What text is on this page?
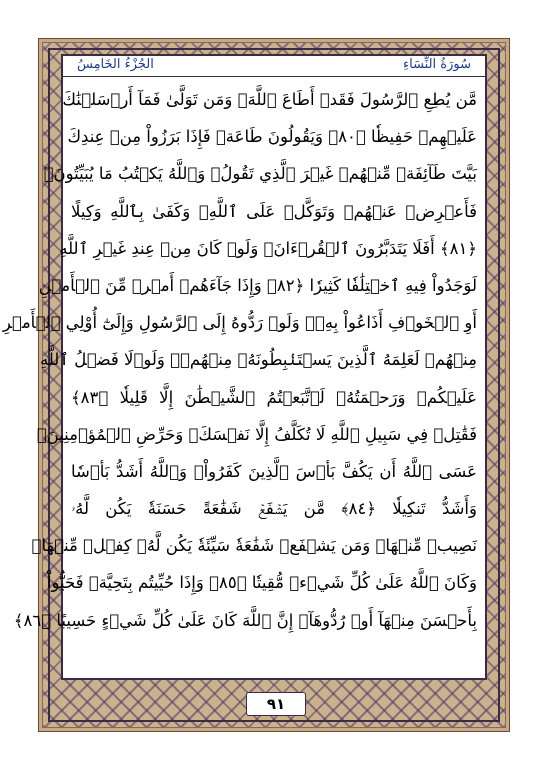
سُورَةُ النِّسَاءِ
الجُزْءُ الخَامِسُ
مَّن يُطِعِ ٱلرَّسُولَ فَقَدۡ أَطَاعَ ٱللَّهَۖ وَمَن تَوَلَّىٰ فَمَآ أَرۡسَلۡنَٰكَ
عَلَيۡهِمۡ حَفِيظٗا ﴿٨٠﴾ وَيَقُولُونَ طَاعَةٞ فَإِذَا بَرَزُواْ مِنۡ عِندِكَ
بَيَّتَ طَآئِفَةٞ مِّنۡهُمۡ غَيۡرَ ٱلَّذِي تَقُولُۖ وَٱللَّهُ يَكۡتُبُ مَا يُبَيِّتُونَۖ
فَأَعۡرِضۡ عَنۡهُمۡ وَتَوَكَّلۡ عَلَى ٱللَّهِۚ وَكَفَىٰ بِٱللَّهِ وَكِيلًا
﴿٨١﴾ أَفَلَا يَتَدَبَّرُونَ ٱلۡقُرۡءَانَۚ وَلَوۡ كَانَ مِنۡ عِندِ غَيۡرِ ٱللَّهِ
لَوَجَدُواْ فِيهِ ٱخۡتِلَٰفٗا كَثِيرٗا ﴿٨٢﴾ وَإِذَا جَآءَهُمۡ أَمۡرٞ مِّنَ ٱلۡأَمۡنِ
أَوِ ٱلۡخَوۡفِ أَذَاعُواْ بِهِۦۖ وَلَوۡ رَدُّوهُ إِلَى ٱلرَّسُولِ وَإِلَىٰٓ أُوْلِي ٱلۡأَمۡرِ
مِنۡهُمۡ لَعَلِمَهُ ٱلَّذِينَ يَسۡتَنۢبِطُونَهُۥ مِنۡهُمۡۗ وَلَوۡلَا فَضۡلُ ٱللَّهِ
عَلَيۡكُمۡ وَرَحۡمَتُهُۥ لَٱتَّبَعۡتُمُ ٱلشَّيۡطَٰنَ إِلَّا قَلِيلٗا ﴿٨٣﴾
فَقَٰتِلۡ فِي سَبِيلِ ٱللَّهِ لَا تُكَلَّفُ إِلَّا نَفۡسَكَۚ وَحَرِّضِ ٱلۡمُؤۡمِنِينَۖ
عَسَى ٱللَّهُ أَن يَكُفَّ بَأۡسَ ٱلَّذِينَ كَفَرُواْۚ وَٱللَّهُ أَشَدُّ بَأۡسٗا
وَأَشَدُّ تَنكِيلٗا ﴿٨٤﴾ مَّن يَشۡفَعۡ شَفَٰعَةً حَسَنَةٗ يَكُن لَّهُۥ
نَصِيبٞ مِّنۡهَاۖ وَمَن يَشۡفَعۡ شَفَٰعَةٗ سَيِّئَةٗ يَكُن لَّهُۥ كِفۡلٞ مِّنۡهَاۗ
وَكَانَ ٱللَّهُ عَلَىٰ كُلِّ شَيۡءٖ مُّقِيتٗا ﴿٨٥﴾ وَإِذَا حُيِّيتُم بِتَحِيَّةٖ فَحَيُّواْ
بِأَحۡسَنَ مِنۡهَآ أَوۡ رُدُّوهَآۗ إِنَّ ٱللَّهَ كَانَ عَلَىٰ كُلِّ شَيۡءٍ حَسِيبًا ﴿٨٦﴾
٩١
